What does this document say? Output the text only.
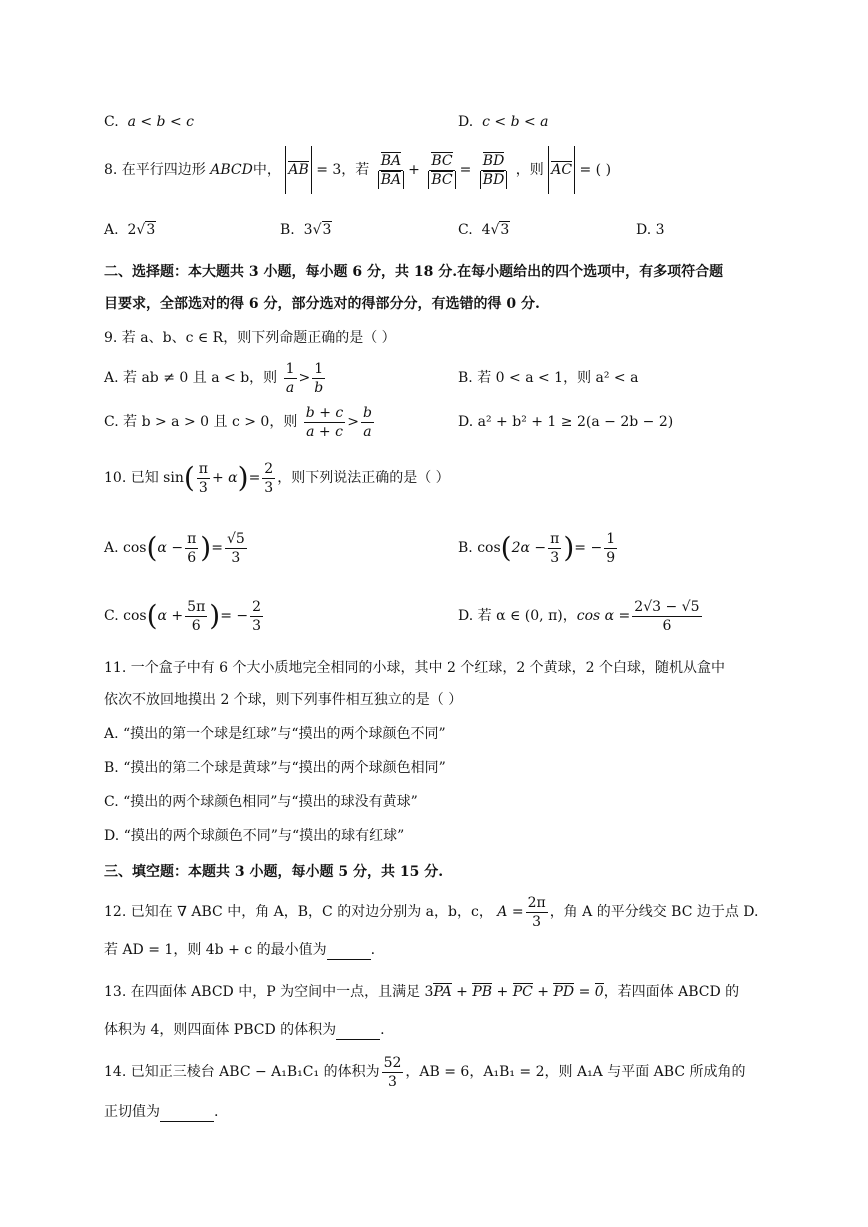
C. a < b < c	D. c < b < a
8. 在平行四边形 ABCD中， AB = 3，若 $\frac{BA}{BA} + \frac{BC}{BC} = \frac{BD}{BD}$ ，则 AC = ( )
A. 2√3	B. 3√3	C. 4√3	D. 3
二、选择题：本大题共 3 小题，每小题 6 分，共 18 分.在每小题给出的四个选项中，有多项符合题
目要求，全部选对的得 6 分，部分选对的得部分分，有选错的得 0 分.
9. 若 a、b、c ∈ R，则下列命题正确的是（ ）
A. 若 ab ≠ 0 且 a < b，则 $\frac{1}{a} > \frac{1}{b}$	B. 若 0 < a < 1，则 a² < a
C. 若 b > a > 0 且 c > 0，则 $\frac{b + c}{a + c} > \frac{b}{a}$	D. a² + b² + 1 ≥ 2(a − 2b − 2)
10. 已知 $\sin( \frac{\pi}{3} + \alpha)= \frac{2}{3}$ ，则下列说法正确的是（ ）
A. $\cos(\alpha - \frac{\pi}{6}$ )= $\frac{√5}{3}$	B. $\cos(2\alpha - \frac{\pi}{3}$ )= − $\frac{1}{9}$
C. $\cos(\alpha + \frac{5\pi}{6}$ )= − $\frac{2}{3}$	D. 若 α ∈ (0, π)，$\cos \alpha = \frac{2√3 - √5}{6}$
11. 一个盒子中有 6 个大小质地完全相同的小球，其中 2 个红球，2 个黄球，2 个白球，随机从盒中
依次不放回地摸出 2 个球，则下列事件相互独立的是（ ）
A. “摸出的第一个球是红球”与“摸出的两个球颜色不同”
B. “摸出的第二个球是黄球”与“摸出的两个球颜色相同”
C. “摸出的两个球颜色相同”与“摸出的球没有黄球”
D. “摸出的两个球颜色不同”与“摸出的球有红球”
三、填空题：本题共 3 小题，每小题 5 分，共 15 分.
12. 已知在 ∇ ABC 中，角 A，B，C 的对边分别为 a，b，c， $A = \frac{2\pi}{3}$ ，角 A 的平分线交 BC 边于点 D.
若 AD = 1，则 4b + c 的最小值为	.
13. 在四面体 ABCD 中，P 为空间中一点，且满足 3PA + PB + PC + PD = 0，若四面体 ABCD 的
体积为 4，则四面体 PBCD 的体积为	.
14. 已知正三棱台 ABC − A₁B₁C₁ 的体积为 $\frac{52}{3}$ ，AB = 6，A₁B₁ = 2，则 A₁A 与平面 ABC 所成角的
正切值为	.
